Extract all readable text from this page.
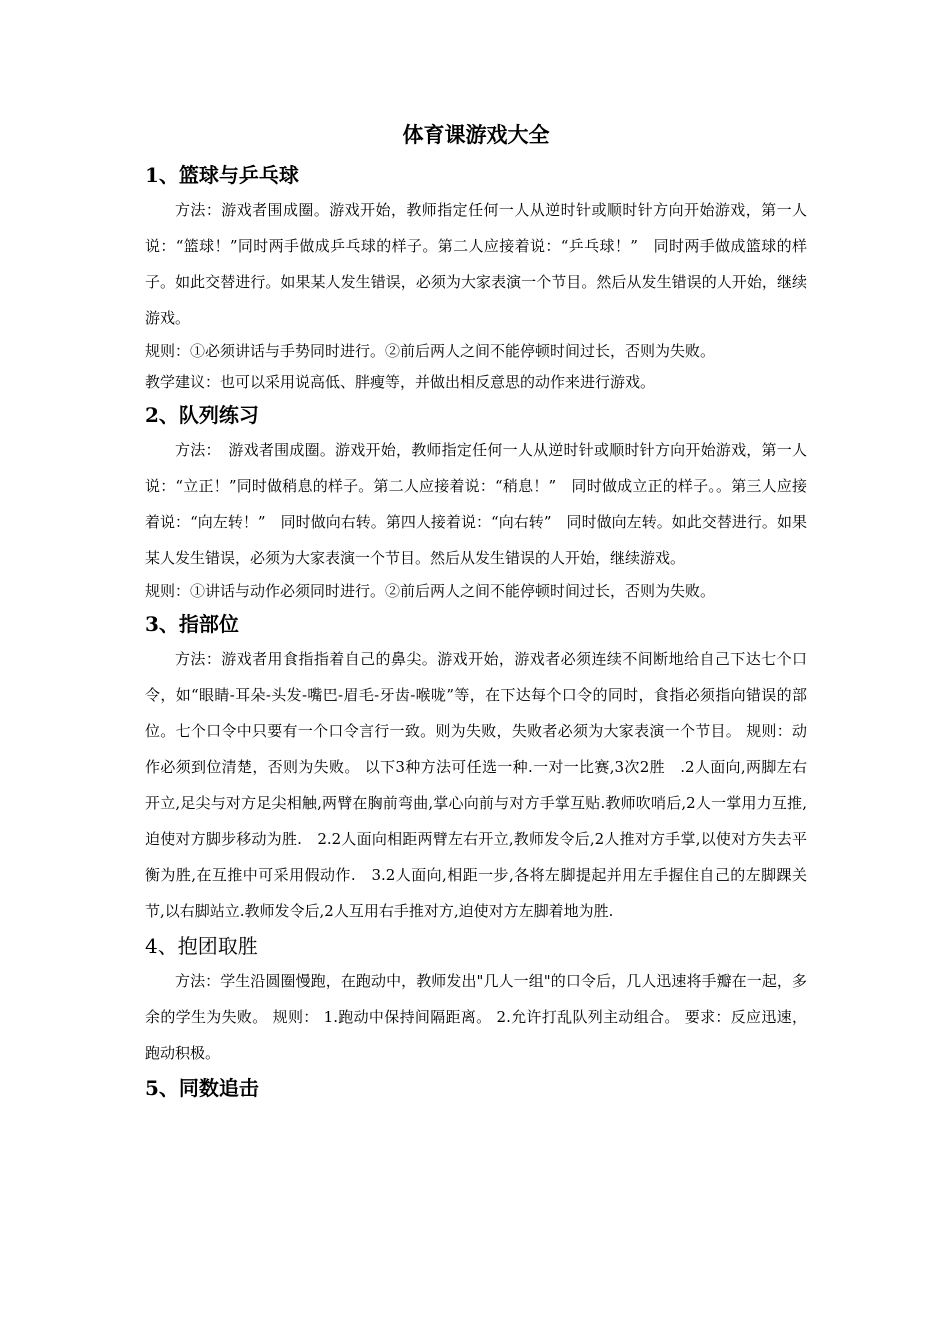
体育课游戏大全
1、篮球与乒乓球

方法：游戏者围成圈。游戏开始，教师指定任何一人从逆时针或顺时针方向开始游戏，第一人说：“篮球！”同时两手做成乒乓球的样子。第二人应接着说：“乒乓球！”　同时两手做成篮球的样子。如此交替进行。如果某人发生错误，必须为大家表演一个节目。然后从发生错误的人开始，继续游戏。

规则：①必须讲话与手势同时进行。②前后两人之间不能停顿时间过长，否则为失败。

教学建议：也可以采用说高低、胖瘦等，并做出相反意思的动作来进行游戏。

2、队列练习

方法：　游戏者围成圈。游戏开始，教师指定任何一人从逆时针或顺时针方向开始游戏，第一人说：“立正！”同时做稍息的样子。第二人应接着说：“稍息！”　同时做成立正的样子。。第三人应接着说：“向左转！”　同时做向右转。第四人接着说：“向右转”　同时做向左转。如此交替进行。如果某人发生错误，必须为大家表演一个节目。然后从发生错误的人开始，继续游戏。

规则：①讲话与动作必须同时进行。②前后两人之间不能停顿时间过长，否则为失败。

3、指部位

方法：游戏者用食指指着自己的鼻尖。游戏开始，游戏者必须连续不间断地给自己下达七个口令，如“眼睛-耳朵-头发-嘴巴-眉毛-牙齿-喉咙”等，在下达每个口令的同时，食指必须指向错误的部位。七个口令中只要有一个口令言行一致。则为失败，失败者必须为大家表演一个节目。 规则：动作必须到位清楚，否则为失败。 以下3种方法可任选一种.一对一比赛,3次2胜　.2人面向,两脚左右开立,足尖与对方足尖相触,两臂在胸前弯曲,掌心向前与对方手掌互贴.教师吹哨后,2人一掌用力互推,迫使对方脚步移动为胜.　2.2人面向相距两臂左右开立,教师发令后,2人推对方手掌,以使对方失去平衡为胜,在互推中可采用假动作.　3.2人面向,相距一步,各将左脚提起并用左手握住自己的左脚踝关节,以右脚站立.教师发令后,2人互用右手推对方,迫使对方左脚着地为胜.

4、抱团取胜

方法：学生沿圆圈慢跑，在跑动中，教师发出"几人一组"的口令后，几人迅速将手瓣在一起，多余的学生为失败。 规则： 1.跑动中保持间隔距离。 2.允许打乱队列主动组合。 要求：反应迅速，跑动积极。

5、同数追击
